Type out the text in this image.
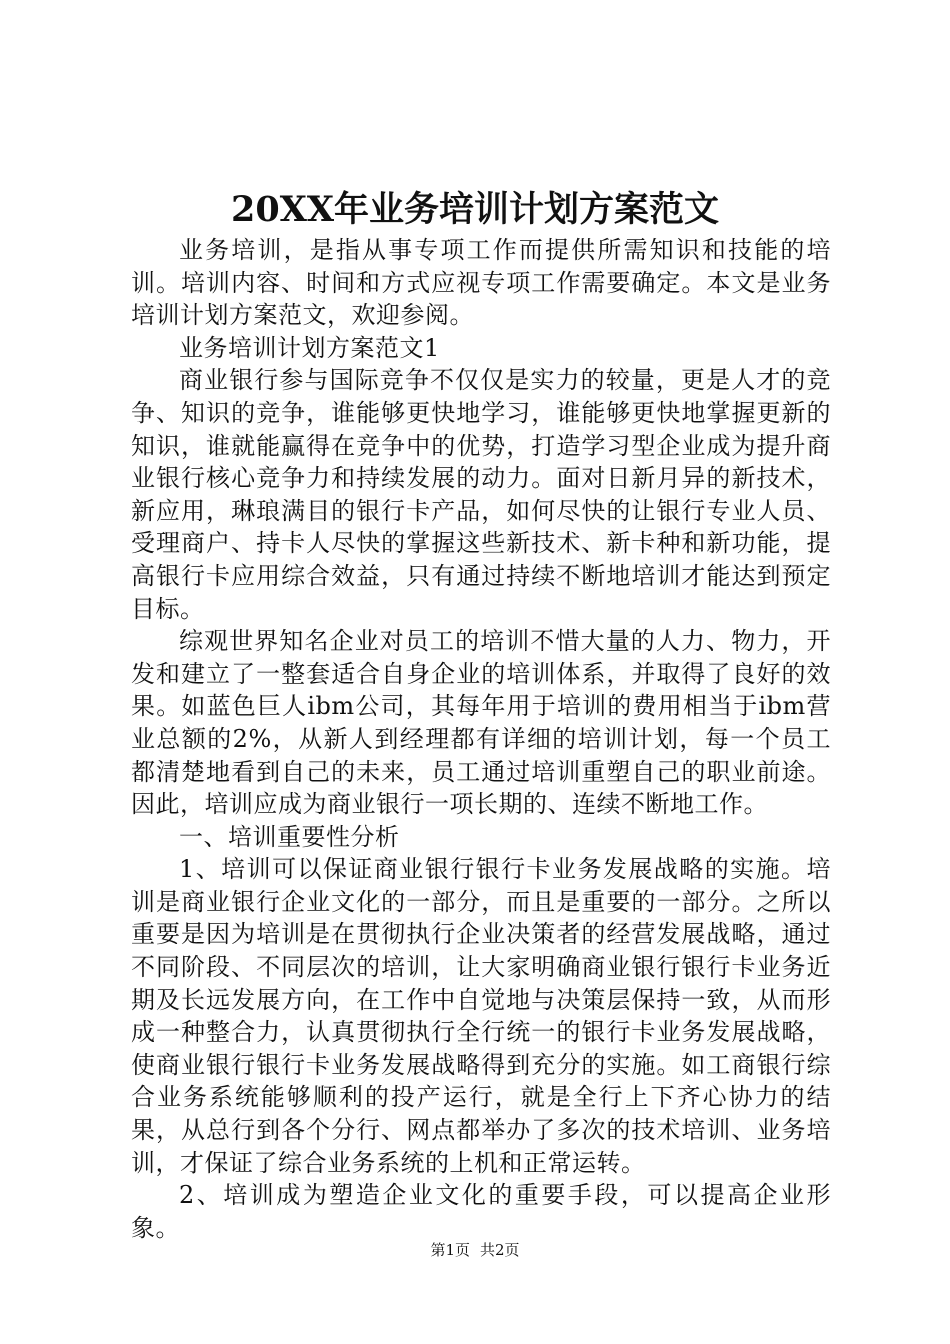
20XX年业务培训计划方案范文

业务培训，是指从事专项工作而提供所需知识和技能的培训。培训内容、时间和方式应视专项工作需要确定。本文是业务培训计划方案范文，欢迎参阅。

业务培训计划方案范文1

商业银行参与国际竞争不仅仅是实力的较量，更是人才的竞争、知识的竞争，谁能够更快地学习，谁能够更快地掌握更新的知识，谁就能赢得在竞争中的优势，打造学习型企业成为提升商业银行核心竞争力和持续发展的动力。面对日新月异的新技术，新应用，琳琅满目的银行卡产品，如何尽快的让银行专业人员、受理商户、持卡人尽快的掌握这些新技术、新卡种和新功能，提高银行卡应用综合效益，只有通过持续不断地培训才能达到预定目标。

综观世界知名企业对员工的培训不惜大量的人力、物力，开发和建立了一整套适合自身企业的培训体系，并取得了良好的效果。如蓝色巨人ibm公司，其每年用于培训的费用相当于ibm营业总额的2%，从新人到经理都有详细的培训计划，每一个员工都清楚地看到自己的未来，员工通过培训重塑自己的职业前途。因此，培训应成为商业银行一项长期的、连续不断地工作。

一、培训重要性分析

1、培训可以保证商业银行银行卡业务发展战略的实施。培训是商业银行企业文化的一部分，而且是重要的一部分。之所以重要是因为培训是在贯彻执行企业决策者的经营发展战略，通过不同阶段、不同层次的培训，让大家明确商业银行银行卡业务近期及长远发展方向，在工作中自觉地与决策层保持一致，从而形成一种整合力，认真贯彻执行全行统一的银行卡业务发展战略，使商业银行银行卡业务发展战略得到充分的实施。如工商银行综合业务系统能够顺利的投产运行，就是全行上下齐心协力的结果，从总行到各个分行、网点都举办了多次的技术培训、业务培训，才保证了综合业务系统的上机和正常运转。

2、培训成为塑造企业文化的重要手段，可以提高企业形象。

第1页 共2页
